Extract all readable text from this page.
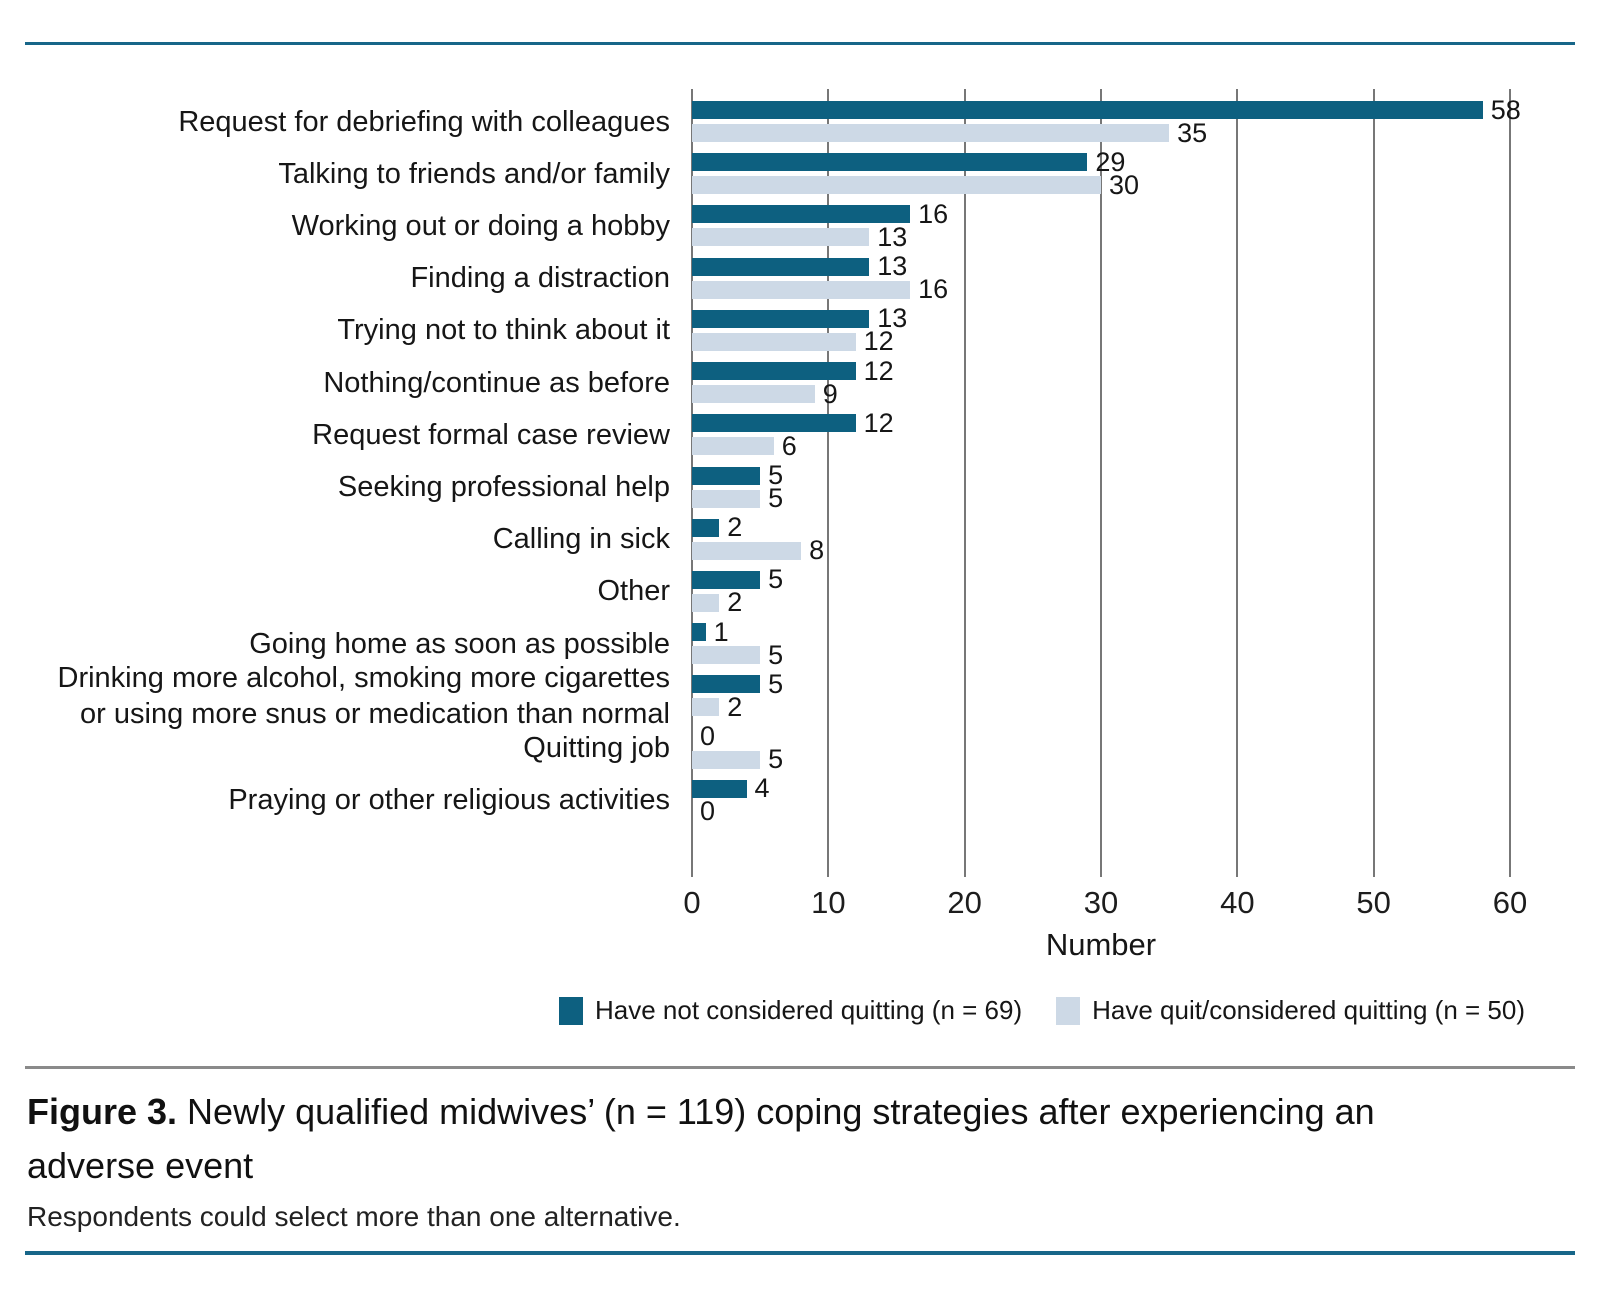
Request for debriefing with colleagues	58
35
Talking to friends and/or family	29
30
Working out or doing a hobby	16
13
Finding a distraction	13
16
Trying not to think about it	13
12
Nothing/continue as before	12
9
Request formal case review	12
6
Seeking professional help	5
5
Calling in sick	2
8
Other	5
2
Going home as soon as possible	1
5
Drinking more alcohol, smoking more cigarettes or using more snus or medication than normal
5
2
Quitting job	0
5
Praying or other religious activities	4
0
0	10	20	30	40	50	60
Number
Have not considered quitting (n = 69)	Have quit/considered quitting (n = 50)

Figure 3. Newly qualified midwives’ (n = 119) coping strategies after experiencing an adverse event

Respondents could select more than one alternative.
